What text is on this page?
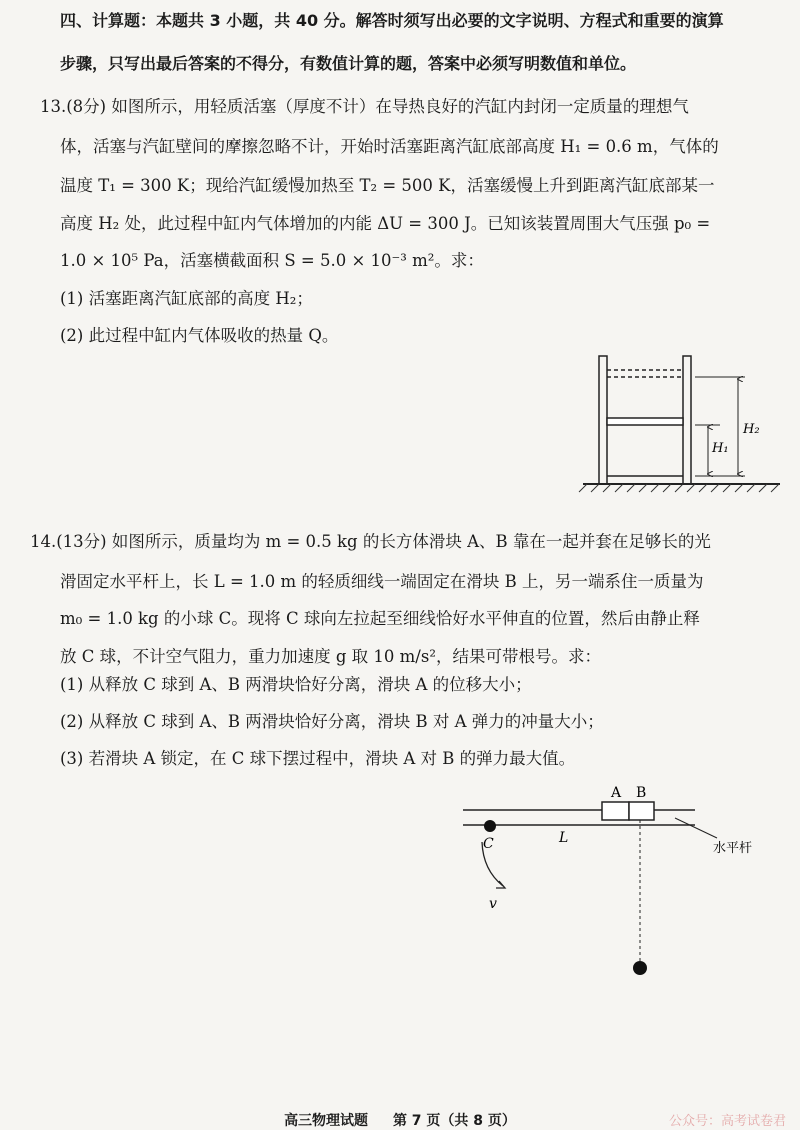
四、计算题：本题共 3 小题，共 40 分。解答时须写出必要的文字说明、方程式和重要的演算
步骤，只写出最后答案的不得分，有数值计算的题，答案中必须写明数值和单位。
13.(8分) 如图所示，用轻质活塞（厚度不计）在导热良好的汽缸内封闭一定质量的理想气
体，活塞与汽缸壁间的摩擦忽略不计，开始时活塞距离汽缸底部高度 H₁ = 0.6 m，气体的
温度 T₁ = 300 K；现给汽缸缓慢加热至 T₂ = 500 K，活塞缓慢上升到距离汽缸底部某一
高度 H₂ 处，此过程中缸内气体增加的内能 ΔU = 300 J。已知该装置周围大气压强 p₀ =
1.0 × 10⁵ Pa，活塞横截面积 S = 5.0 × 10⁻³ m²。求：
(1) 活塞距离汽缸底部的高度 H₂；
(2) 此过程中缸内气体吸收的热量 Q。
H₁
H₂
14.(13分) 如图所示，质量均为 m = 0.5 kg 的长方体滑块 A、B 靠在一起并套在足够长的光
滑固定水平杆上，长 L = 1.0 m 的轻质细线一端固定在滑块 B 上，另一端系住一质量为
m₀ = 1.0 kg 的小球 C。现将 C 球向左拉起至细线恰好水平伸直的位置，然后由静止释
放 C 球，不计空气阻力，重力加速度 g 取 10 m/s²，结果可带根号。求：
(1) 从释放 C 球到 A、B 两滑块恰好分离，滑块 A 的位移大小；
(2) 从释放 C 球到 A、B 两滑块恰好分离，滑块 B 对 A 弹力的冲量大小；
(3) 若滑块 A 锁定，在 C 球下摆过程中，滑块 A 对 B 的弹力最大值。
A B
C	L
v
水平杆
高三物理试题 第 7 页（共 8 页）	公众号：高考试卷君
